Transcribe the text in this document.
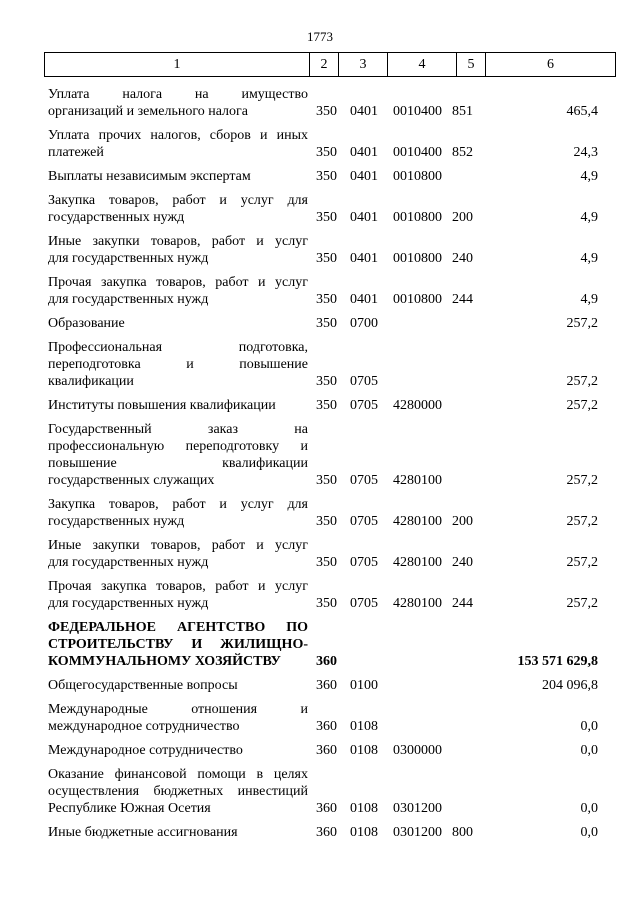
1773
1	2	3	4	5	6
Уплата налога на имущество
организаций и земельного налога	350 0401 0010400 851	465,4
Уплата прочих налогов, сборов и иных
платежей	350 0401 0010400 852	24,3
Выплаты независимым экспертам	350 0401 0010800	4,9
Закупка товаров, работ и услуг для
государственных нужд	350 0401 0010800 200	4,9
Иные закупки товаров, работ и услуг
для государственных нужд	350 0401 0010800 240	4,9
Прочая закупка товаров, работ и услуг
для государственных нужд	350 0401 0010800 244	4,9
Образование	350 0700	257,2
Профессиональная подготовка,
переподготовка и повышение
квалификации	350 0705	257,2
Институты повышения квалификации	350 0705 4280000	257,2
Государственный заказ на
профессиональную переподготовку и
повышение квалификации
государственных служащих	350 0705 4280100	257,2
Закупка товаров, работ и услуг для
государственных нужд	350 0705 4280100 200	257,2
Иные закупки товаров, работ и услуг
для государственных нужд	350 0705 4280100 240	257,2
Прочая закупка товаров, работ и услуг
для государственных нужд	350 0705 4280100 244	257,2
ФЕДЕРАЛЬНОЕ АГЕНТСТВО ПО
СТРОИТЕЛЬСТВУ И ЖИЛИЩНО-
КОММУНАЛЬНОМУ ХОЗЯЙСТВУ	360	153 571 629,8
Общегосударственные вопросы	360 0100	204 096,8
Международные отношения и
международное сотрудничество	360 0108	0,0
Международное сотрудничество	360 0108 0300000	0,0
Оказание финансовой помощи в целях
осуществления бюджетных инвестиций
Республике Южная Осетия	360 0108 0301200	0,0
Иные бюджетные ассигнования	360 0108 0301200 800	0,0
